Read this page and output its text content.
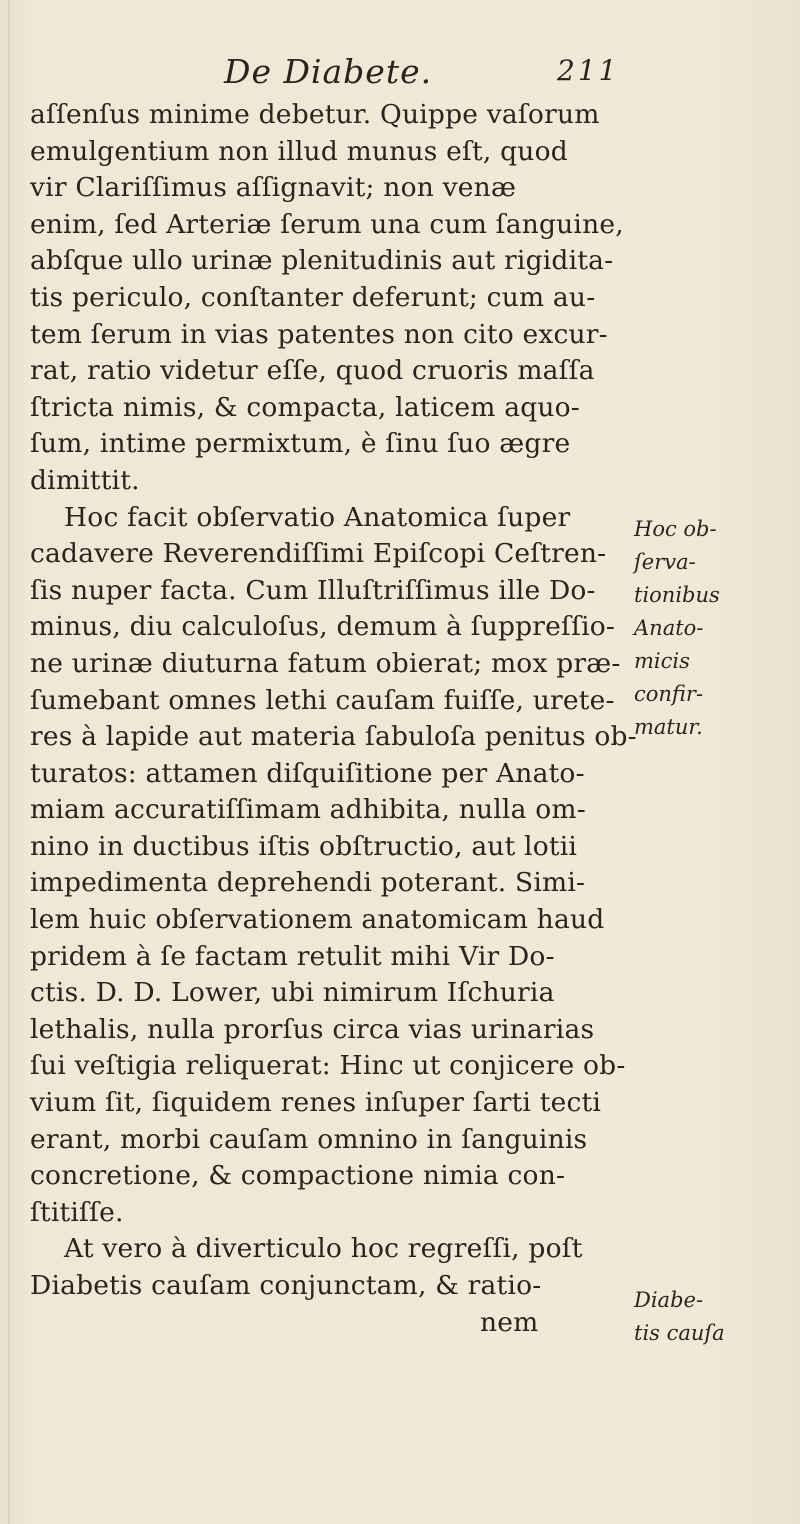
De Diabete.	211
aſſenſus minime debetur. Quippe vaſorum
emulgentium non illud munus eſt, quod
vir Clariſſimus aſſignavit; non venæ
enim, ſed Arteriæ ſerum una cum ſanguine,
abſque ullo urinæ plenitudinis aut rigidita-
tis periculo, conſtanter deferunt; cum au-
tem ſerum in vias patentes non cito excur-
rat, ratio videtur eſſe, quod cruoris maſſa
ſtricta nimis, & compacta, laticem aquo-
ſum, intime permixtum, è ſinu ſuo ægre
dimittit.
Hoc facit obſervatio Anatomica ſuper
cadavere Reverendiſſimi Epiſcopi Ceſtren-
ſis nuper facta. Cum Illuſtriſſimus ille Do-
minus, diu calculoſus, demum à ſuppreſſio-
ne urinæ diuturna fatum obierat; mox præ-
ſumebant omnes lethi cauſam fuiſſe, urete-
res à lapide aut materia ſabuloſa penitus ob-
turatos: attamen diſquiſitione per Anato-
miam accuratiſſimam adhibita, nulla om-
nino in ductibus iſtis obſtructio, aut lotii
impedimenta deprehendi poterant. Simi-
lem huic obſervationem anatomicam haud
pridem à ſe factam retulit mihi Vir Do-
ctis. D. D. Lower, ubi nimirum Iſchuria
lethalis, nulla prorſus circa vias urinarias
ſui veſtigia reliquerat: Hinc ut conjicere ob-
vium ſit, ſiquidem renes inſuper ſarti tecti
erant, morbi cauſam omnino in ſanguinis
concretione, & compactione nimia con-
ſtitiſſe.
At vero à diverticulo hoc regreſſi, poſt
Diabetis cauſam conjunctam, & ratio-
nem
Hoc ob-
ſerva-
tionibus
Anato-
micis
confir-
matur.
Diabe-
tis cauſa
